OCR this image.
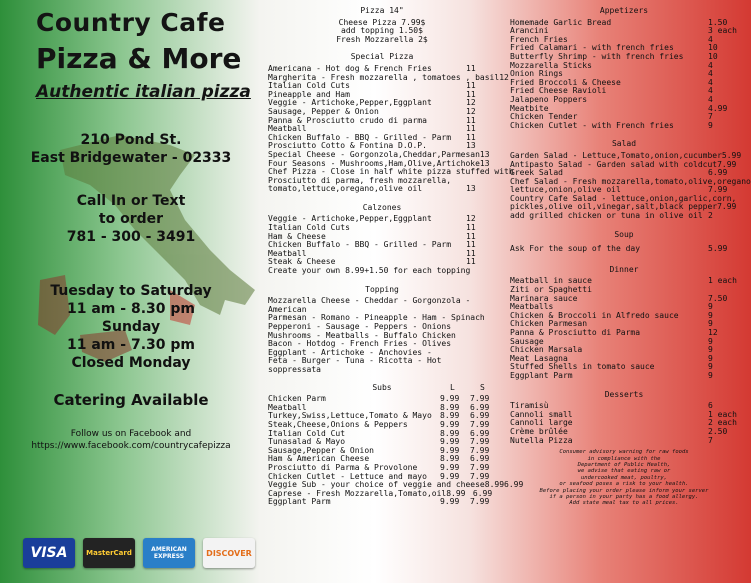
Country Cafe
Pizza & More
Authentic italian pizza
210 Pond St.
East Bridgewater - 02333
Call In or Text
to order
781 - 300 - 3491
Tuesday to Saturday
11 am - 8.30 pm
Sunday
11 am - 7.30 pm
Closed Monday
Catering Available
Follow us on Facebook and
https://www.facebook.com/countrycafepizza
VISA	MasterCard	AMERICAN EXPRESS	DISCOVER
Pizza 14"
Cheese Pizza 7.99$
add topping 1.50$
Fresh Mozzarella 2$
Special Pizza
Americana - Hot dog & French Fries	11
Margherita - Fresh mozzarella , tomatoes , basil 12
Italian Cold Cuts	11
Pineapple and Ham	11
Veggie - Artichoke,Pepper,Eggplant	12
Sausage, Pepper & Onion	12
Panna & Prosciutto crudo di parma	11
Meatball	11
Chicken Buffalo - BBQ - Grilled - Parm	11
Prosciutto Cotto & Fontina D.O.P.	13
Special Cheese - Gorgonzola,Cheddar,Parmesan 13
Four Seasons - Mushrooms,Ham,Olive,Artichoke 13
Chef Pizza - Close in half white pizza stuffed with
Prosciutto di parma, fresh mozzarella,
tomato,lettuce,oregano,olive oil	13
Calzones
Veggie - Artichoke,Pepper,Eggplant	12
Italian Cold Cuts	11
Ham & Cheese	11
Chicken Buffalo - BBQ - Grilled - Parm	11
Meatball	11
Steak & Cheese	11
Create your own 8.99+1.50 for each topping
Topping
Mozzarella Cheese - Cheddar - Gorgonzola - American
Parmesan - Romano - Pineapple - Ham - Spinach
Pepperoni - Sausage - Peppers - Onions
Mushrooms - Meatballs - Buffalo Chicken
Bacon - Hotdog - French Fries - Olives
Eggplant - Artichoke - Anchovies -
Feta - Burger - Tuna - Ricotta - Hot soppressata
Subs	L	S
Chicken Parm	9.99	7.99
Meatball	8.99	6.99
Turkey,Swiss,Lettuce,Tomato & Mayo	8.99	6.99
Steak,Cheese,Onions & Peppers	9.99	7.99
Italian Cold Cut	8.99	6.99
Tunasalad & Mayo	9.99	7.99
Sausage,Pepper & Onion	9.99	7.99
Ham & American Cheese	8.99	6.99
Prosciutto di Parma & Provolone	9.99	7.99
Chicken Cutlet - Lettuce and mayo	9.99	7.99
Veggie Sub - your choice of veggie and cheese 8.99 6.99
Caprese - Fresh Mozzarella,Tomato,oil 8.99 6.99
Eggplant Parm	9.99	7.99
Appetizers
Homemade Garlic Bread	1.50
Arancini	3 each
French Fries	4
Fried Calamari - with french fries	10
Butterfly Shrimp - with french fries	10
Mozzarella Sticks	4
Onion Rings	4
Fried Broccoli & Cheese	4
Fried Cheese Ravioli	4
Jalapeno Poppers	4
Meatbite	4.99
Chicken Tender	7
Chicken Cutlet - with French fries	9
Salad
Garden Salad - Lettuce,Tomato,onion,cucumber 5.99
Antipasto Salad - Garden salad with coldcut 7.99
Greek Salad	6.99
Chef Salad - Fresh mozzarella,tomato,olive,oregano
lettuce,onion,olive oil	7.99
Country Cafe Salad - lettuce,onion,garlic,corn,
pickles,olive oil,vinegar,salt,black pepper 7.99
add grilled chicken or tuna in olive oil 2
Soup
Ask For the soup of the day	5.99
Dinner
Meatball in sauce	1 each
Ziti or Spaghetti
Marinara sauce	7.50
Meatballs	9
Chicken & Broccoli in Alfredo sauce	9
Chicken Parmesan	9
Panna & Prosciutto di Parma	12
Sausage	9
Chicken Marsala	9
Meat Lasagna	9
Stuffed Shells in tomato sauce	9
Eggplant Parm	9
Desserts
Tiramisù	6
Cannoli small	1 each
Cannoli large	2 each
Crème brûlée	2.50
Nutella Pizza	7
Consumer advisory warning for raw foods
in compliance with the
Department of Public Health,
we advise that eating raw or
undercooked meat, poultry,
or seafood poses a risk to your health.
Before placing your order please inform your server
if a person in your party has a food allergy.
Add state meal tax to all prices.
